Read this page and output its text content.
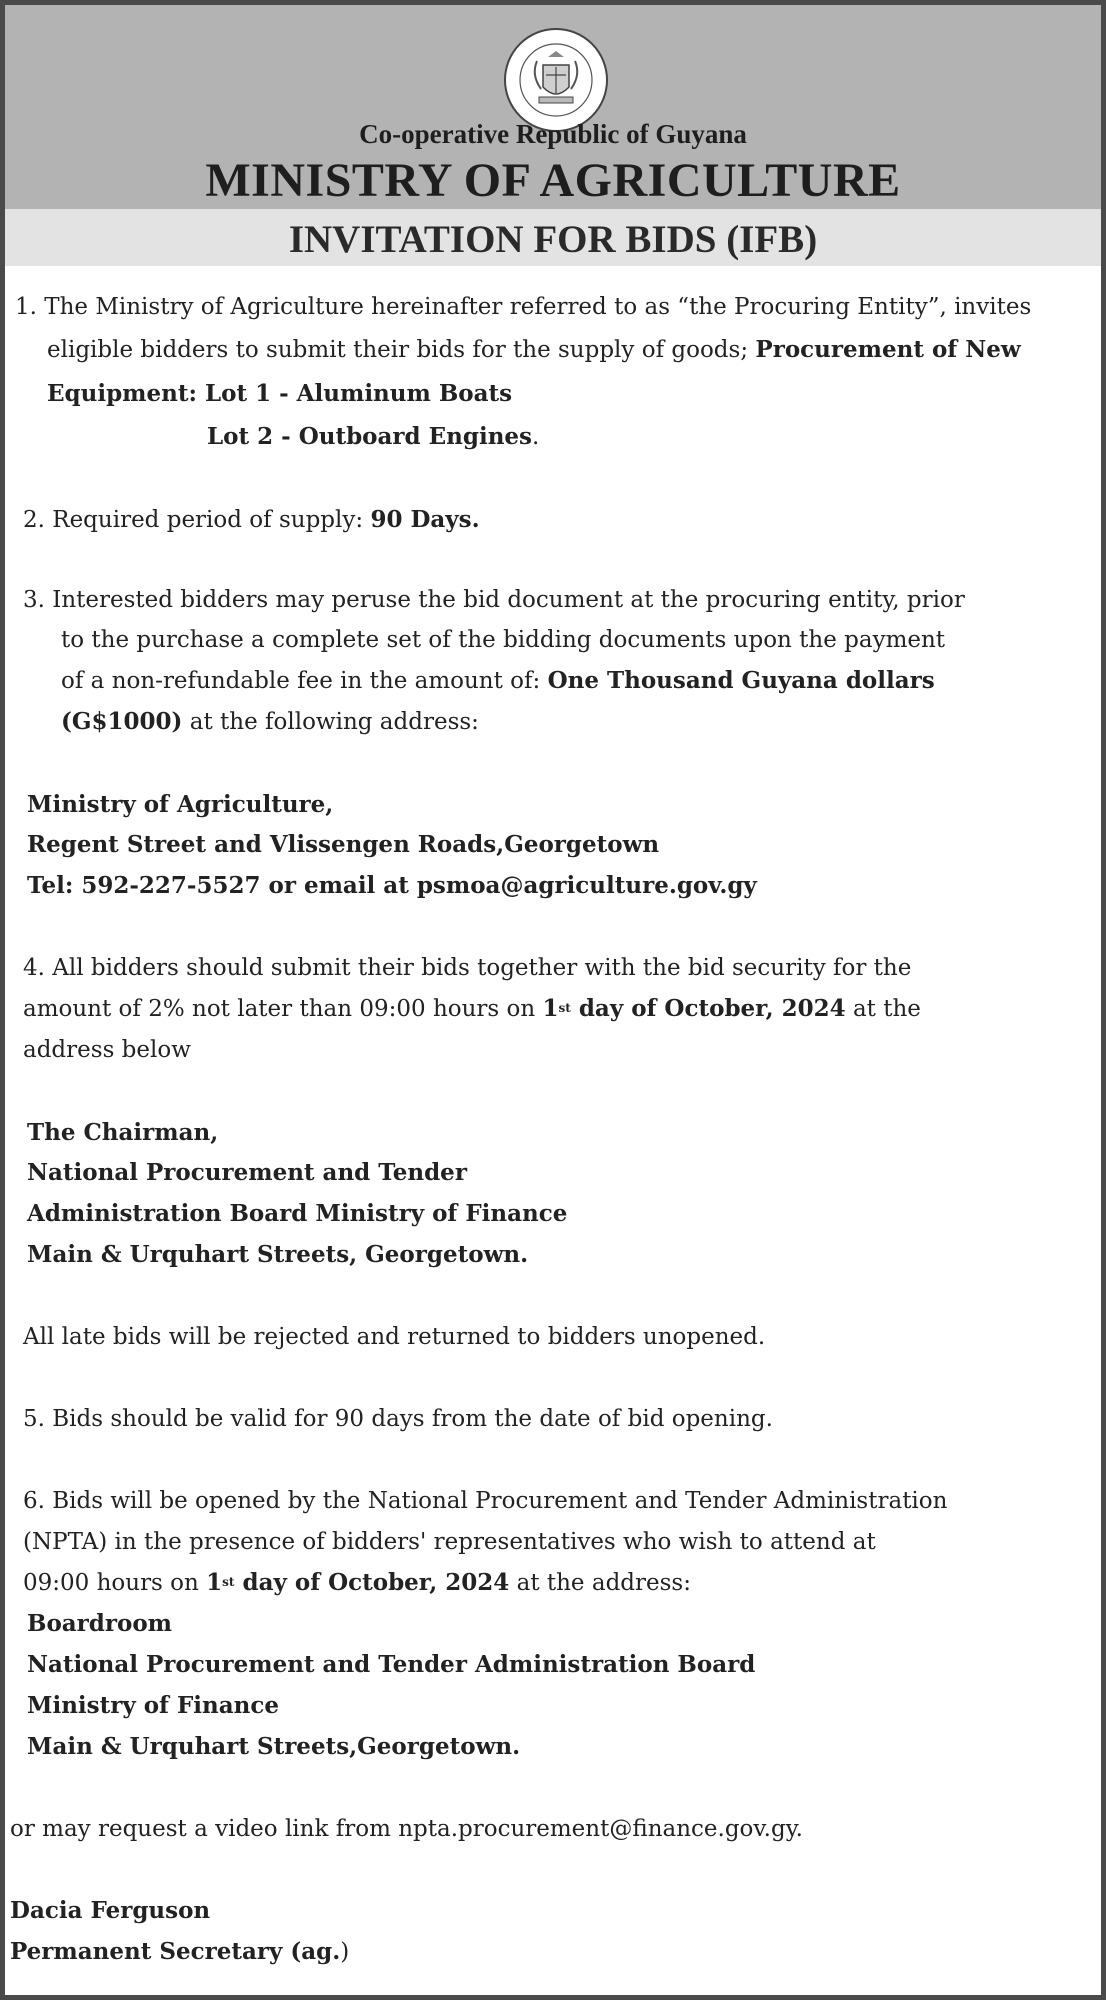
Co-operative Republic of Guyana
MINISTRY OF AGRICULTURE
INVITATION FOR BIDS (IFB)
1. The Ministry of Agriculture hereinafter referred to as “the Procuring Entity”, invites
eligible bidders to submit their bids for the supply of goods; Procurement of New
Equipment: Lot 1 - Aluminum Boats
Lot 2 - Outboard Engines.
2. Required period of supply: 90 Days.
3. Interested bidders may peruse the bid document at the procuring entity, prior
to the purchase a complete set of the bidding documents upon the payment
of a non-refundable fee in the amount of: One Thousand Guyana dollars
(G$1000) at the following address:
Ministry of Agriculture,
Regent Street and Vlissengen Roads,Georgetown
Tel: 592-227-5527 or email at psmoa@agriculture.gov.gy
4. All bidders should submit their bids together with the bid security for the
amount of 2% not later than 09:00 hours on 1st day of October, 2024 at the
address below
The Chairman,
National Procurement and Tender
Administration Board Ministry of Finance
Main & Urquhart Streets, Georgetown.
All late bids will be rejected and returned to bidders unopened.
5. Bids should be valid for 90 days from the date of bid opening.
6. Bids will be opened by the National Procurement and Tender Administration
(NPTA) in the presence of bidders' representatives who wish to attend at
09:00 hours on 1st day of October, 2024 at the address:
Boardroom
National Procurement and Tender Administration Board
Ministry of Finance
Main & Urquhart Streets,Georgetown.
or may request a video link from npta.procurement@finance.gov.gy.
Dacia Ferguson
Permanent Secretary (ag.)
